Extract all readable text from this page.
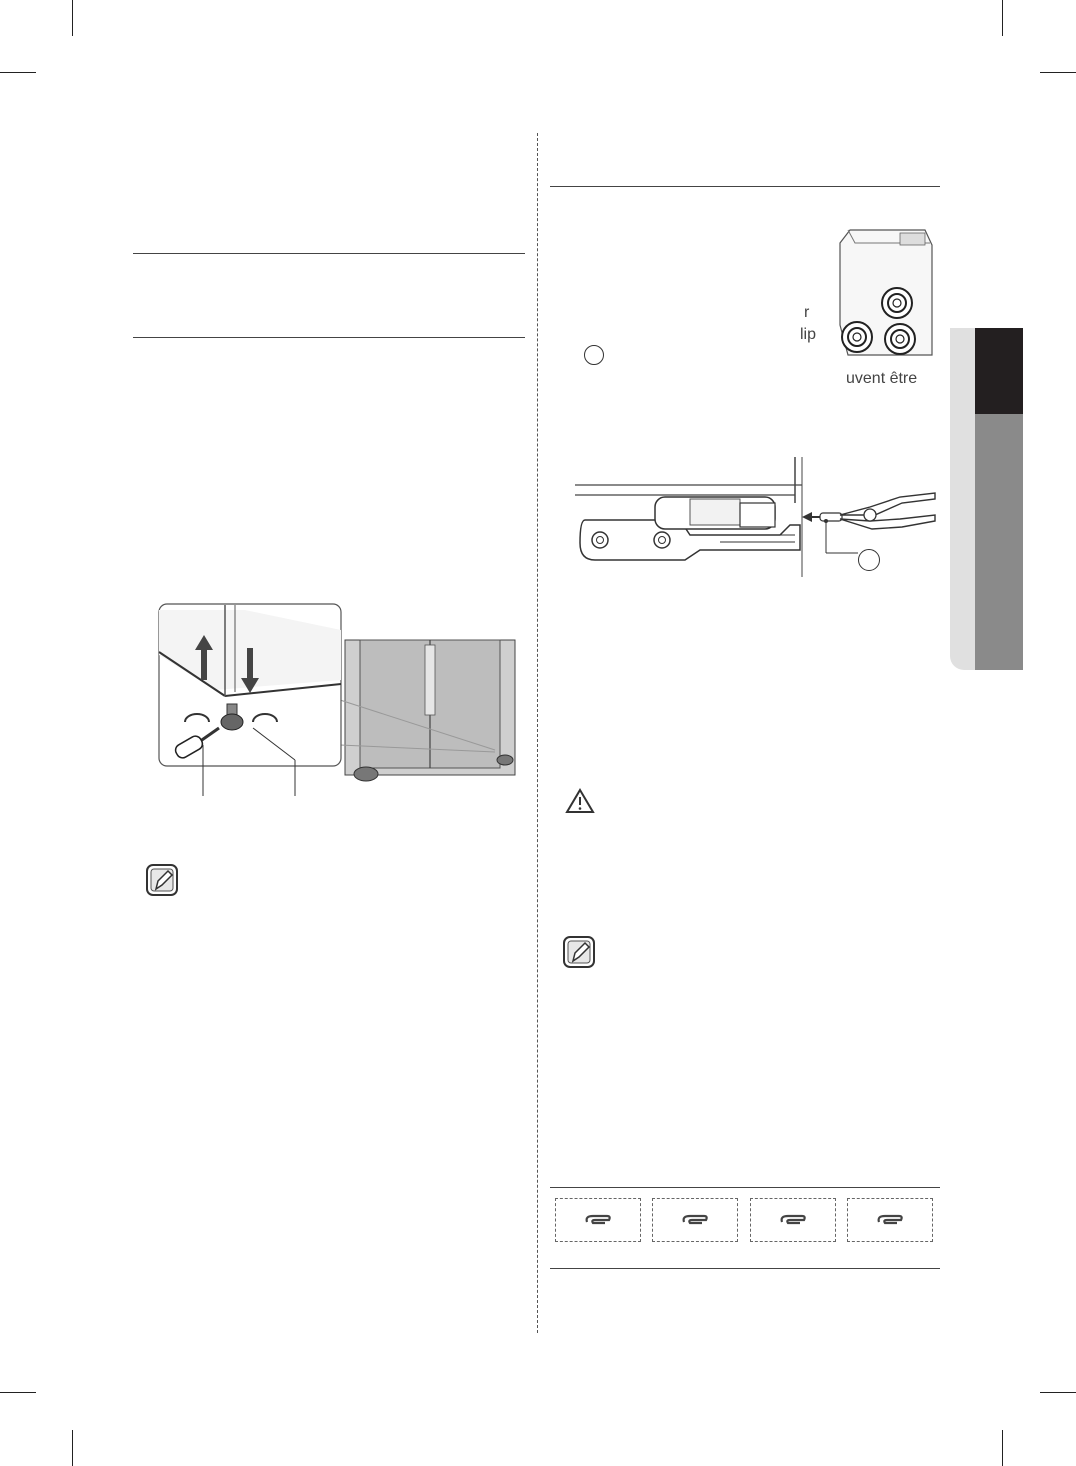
r
lip
uvent être
